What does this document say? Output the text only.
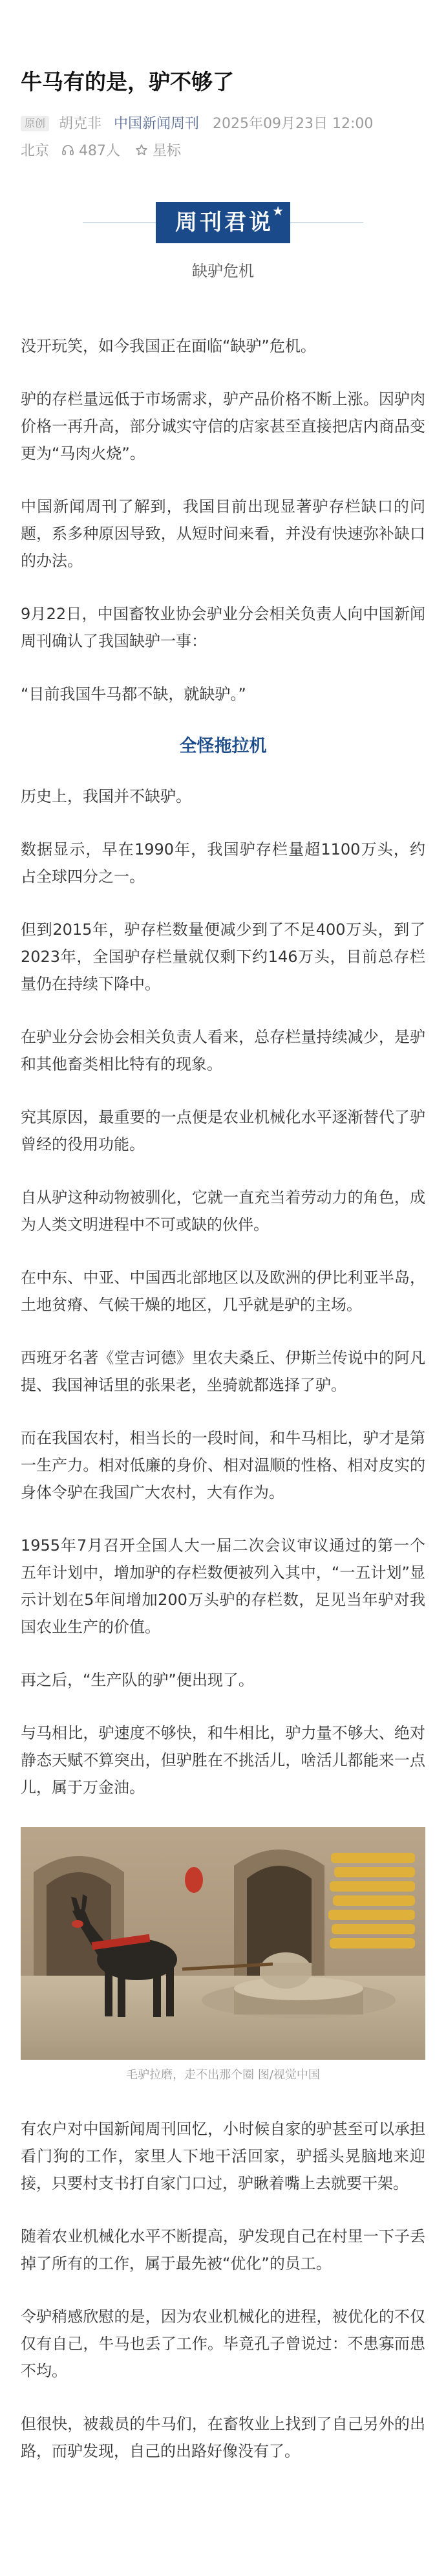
牛马有的是，驴不够了
原创 胡克非 中国新闻周刊 2025年09月23日 12:00
北京 487人 星标
周刊君说
★
缺驴危机

没开玩笑，如今我国正在面临“缺驴”危机。

驴的存栏量远低于市场需求，驴产品价格不断上涨。因驴肉价格一再升高，部分诚实守信的店家甚至直接把店内商品变更为“马肉火烧”。

中国新闻周刊了解到，我国目前出现显著驴存栏缺口的问题，系多种原因导致，从短时间来看，并没有快速弥补缺口的办法。

9月22日，中国畜牧业协会驴业分会相关负责人向中国新闻周刊确认了我国缺驴一事：

“目前我国牛马都不缺，就缺驴。”

全怪拖拉机

历史上，我国并不缺驴。

数据显示，早在1990年，我国驴存栏量超1100万头，约占全球四分之一。

但到2015年，驴存栏数量便减少到了不足400万头，到了2023年，全国驴存栏量就仅剩下约146万头，目前总存栏量仍在持续下降中。

在驴业分会协会相关负责人看来，总存栏量持续减少，是驴和其他畜类相比特有的现象。

究其原因，最重要的一点便是农业机械化水平逐渐替代了驴曾经的役用功能。

自从驴这种动物被驯化，它就一直充当着劳动力的角色，成为人类文明进程中不可或缺的伙伴。

在中东、中亚、中国西北部地区以及欧洲的伊比利亚半岛，土地贫瘠、气候干燥的地区，几乎就是驴的主场。

西班牙名著《堂吉诃德》里农夫桑丘、伊斯兰传说中的阿凡提、我国神话里的张果老，坐骑就都选择了驴。

而在我国农村，相当长的一段时间，和牛马相比，驴才是第一生产力。相对低廉的身价、相对温顺的性格、相对皮实的身体令驴在我国广大农村，大有作为。

1955年7月召开全国人大一届二次会议审议通过的第一个五年计划中，增加驴的存栏数便被列入其中，“一五计划”显示计划在5年间增加200万头驴的存栏数，足见当年驴对我国农业生产的价值。

再之后，“生产队的驴”便出现了。

与马相比，驴速度不够快，和牛相比，驴力量不够大、绝对静态天赋不算突出，但驴胜在不挑活儿，啥活儿都能来一点儿，属于万金油。

毛驴拉磨，走不出那个圈 图/视觉中国

有农户对中国新闻周刊回忆，小时候自家的驴甚至可以承担看门狗的工作，家里人下地干活回家，驴摇头晃脑地来迎接，只要村支书打自家门口过，驴瞅着嘴上去就要干架。

随着农业机械化水平不断提高，驴发现自己在村里一下子丢掉了所有的工作，属于最先被“优化”的员工。

令驴稍感欣慰的是，因为农业机械化的进程，被优化的不仅仅有自己，牛马也丢了工作。毕竟孔子曾说过：不患寡而患不均。

但很快，被裁员的牛马们，在畜牧业上找到了自己另外的出路，而驴发现，自己的出路好像没有了。
